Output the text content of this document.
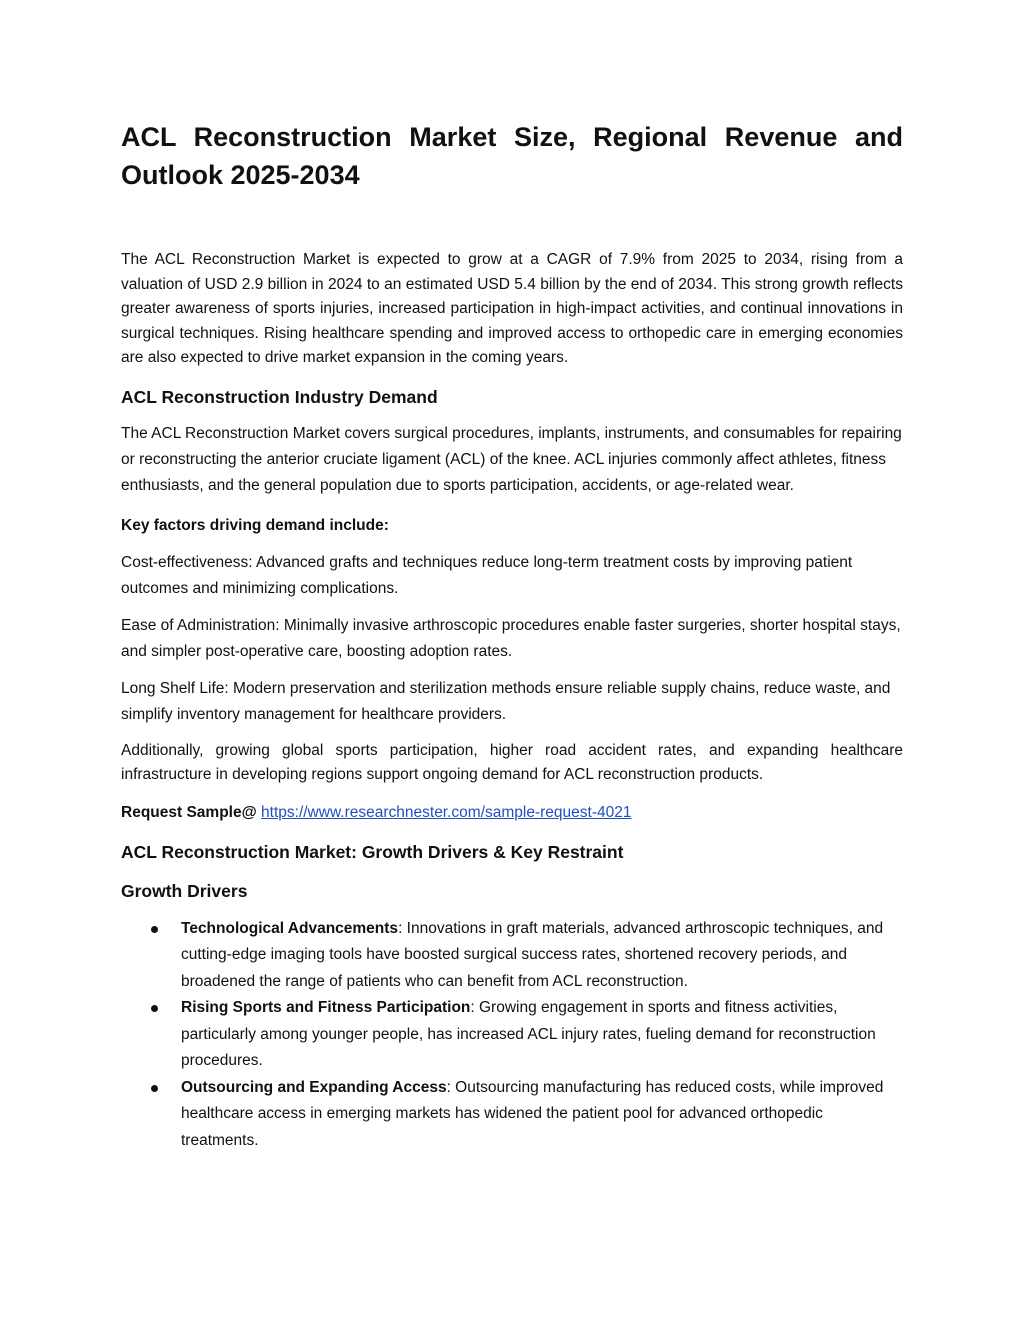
ACL Reconstruction Market Size, Regional Revenue and Outlook 2025-2034

The ACL Reconstruction Market is expected to grow at a CAGR of 7.9% from 2025 to 2034, rising from a valuation of USD 2.9 billion in 2024 to an estimated USD 5.4 billion by the end of 2034. This strong growth reflects greater awareness of sports injuries, increased participation in high-impact activities, and continual innovations in surgical techniques. Rising healthcare spending and improved access to orthopedic care in emerging economies are also expected to drive market expansion in the coming years.

ACL Reconstruction Industry Demand

The ACL Reconstruction Market covers surgical procedures, implants, instruments, and consumables for repairing or reconstructing the anterior cruciate ligament (ACL) of the knee. ACL injuries commonly affect athletes, fitness enthusiasts, and the general population due to sports participation, accidents, or age-related wear.

Key factors driving demand include:

Cost-effectiveness: Advanced grafts and techniques reduce long-term treatment costs by improving patient outcomes and minimizing complications.

Ease of Administration: Minimally invasive arthroscopic procedures enable faster surgeries, shorter hospital stays, and simpler post-operative care, boosting adoption rates.

Long Shelf Life: Modern preservation and sterilization methods ensure reliable supply chains, reduce waste, and simplify inventory management for healthcare providers.

Additionally, growing global sports participation, higher road accident rates, and expanding healthcare infrastructure in developing regions support ongoing demand for ACL reconstruction products.

Request Sample@ https://www.researchnester.com/sample-request-4021

ACL Reconstruction Market: Growth Drivers & Key Restraint
Growth Drivers
Technological Advancements: Innovations in graft materials, advanced arthroscopic techniques, and cutting-edge imaging tools have boosted surgical success rates, shortened recovery periods, and broadened the range of patients who can benefit from ACL reconstruction.
Rising Sports and Fitness Participation: Growing engagement in sports and fitness activities, particularly among younger people, has increased ACL injury rates, fueling demand for reconstruction procedures.
Outsourcing and Expanding Access: Outsourcing manufacturing has reduced costs, while improved healthcare access in emerging markets has widened the patient pool for advanced orthopedic treatments.
